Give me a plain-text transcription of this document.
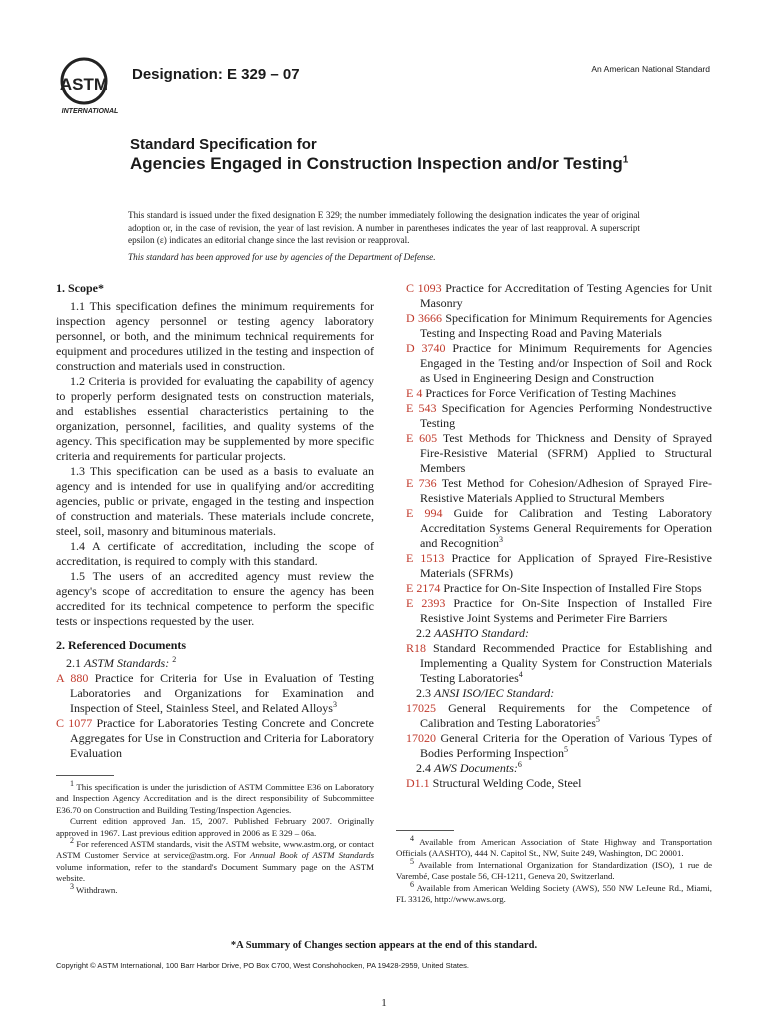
ASTM
INTERNATIONAL
Designation: E 329 – 07	An American National Standard
Standard Specification for
Agencies Engaged in Construction Inspection and/or Testing$^1$
This standard is issued under the fixed designation E 329; the number immediately following the designation indicates the year of original adoption or, in the case of revision, the year of last revision. A number in parentheses indicates the year of last reapproval. A superscript epsilon (ε) indicates an editorial change since the last revision or reapproval.
This standard has been approved for use by agencies of the Department of Defense.
1. Scope*

1.1 This specification defines the minimum requirements for inspection agency personnel or testing agency laboratory personnel, or both, and the minimum technical requirements for equipment and procedures utilized in the testing and inspection of construction and materials used in construction.

1.2 Criteria is provided for evaluating the capability of agency to properly perform designated tests on construction materials, and establishes essential characteristics pertaining to the organization, personnel, facilities, and quality systems of the agency. This specification may be supplemented by more specific criteria and requirements for particular projects.

1.3 This specification can be used as a basis to evaluate an agency and is intended for use in qualifying and/or accrediting agencies, public or private, engaged in the testing and inspection of construction and materials. These materials include concrete, steel, soil, masonry and bituminous materials.

1.4 A certificate of accreditation, including the scope of accreditation, is required to comply with this standard.

1.5 The users of an accredited agency must review the agency's scope of accreditation to ensure the agency has been accredited for its technical competence to perform the specific tests or inspections requested by the user.

2. Referenced Documents

2.1 ASTM Standards: $^2$

A 880 Practice for Criteria for Use in Evaluation of Testing Laboratories and Organizations for Examination and Inspection of Steel, Stainless Steel, and Related Alloys$^3$

C 1077 Practice for Laboratories Testing Concrete and Concrete Aggregates for Use in Construction and Criteria for Laboratory Evaluation

C 1093 Practice for Accreditation of Testing Agencies for Unit Masonry

D 3666 Specification for Minimum Requirements for Agencies Testing and Inspecting Road and Paving Materials

D 3740 Practice for Minimum Requirements for Agencies Engaged in the Testing and/or Inspection of Soil and Rock as Used in Engineering Design and Construction

E 4 Practices for Force Verification of Testing Machines

E 543 Specification for Agencies Performing Nondestructive Testing

E 605 Test Methods for Thickness and Density of Sprayed Fire-Resistive Material (SFRM) Applied to Structural Members

E 736 Test Method for Cohesion/Adhesion of Sprayed Fire-Resistive Materials Applied to Structural Members

E 994 Guide for Calibration and Testing Laboratory Accreditation Systems General Requirements for Operation and Recognition$^3$

E 1513 Practice for Application of Sprayed Fire-Resistive Materials (SFRMs)

E 2174 Practice for On-Site Inspection of Installed Fire Stops

E 2393 Practice for On-Site Inspection of Installed Fire Resistive Joint Systems and Perimeter Fire Barriers

2.2 AASHTO Standard:

R18 Standard Recommended Practice for Establishing and Implementing a Quality System for Construction Materials Testing Laboratories$^4$

2.3 ANSI ISO/IEC Standard:

17025 General Requirements for the Competence of Calibration and Testing Laboratories$^5$

17020 General Criteria for the Operation of Various Types of Bodies Performing Inspection$^5$

2.4 AWS Documents:$^6$

D1.1 Structural Welding Code, Steel

$^1$ This specification is under the jurisdiction of ASTM Committee E36 on Laboratory and Inspection Agency Accreditation and is the direct responsibility of Subcommittee E36.70 on Construction and Building Testing/Inspection Agencies.

Current edition approved Jan. 15, 2007. Published February 2007. Originally approved in 1967. Last previous edition approved in 2006 as E 329 – 06a.

$^2$ For referenced ASTM standards, visit the ASTM website, www.astm.org, or contact ASTM Customer Service at service@astm.org. For Annual Book of ASTM Standards volume information, refer to the standard's Document Summary page on the ASTM website.

$^3$ Withdrawn.

$^4$ Available from American Association of State Highway and Transportation Officials (AASHTO), 444 N. Capitol St., NW, Suite 249, Washington, DC 20001.

$^5$ Available from International Organization for Standardization (ISO), 1 rue de Varembé, Case postale 56, CH-1211, Geneva 20, Switzerland.

$^6$ Available from American Welding Society (AWS), 550 NW LeJeune Rd., Miami, FL 33126, http://www.aws.org.

*A Summary of Changes section appears at the end of this standard.
Copyright © ASTM International, 100 Barr Harbor Drive, PO Box C700, West Conshohocken, PA 19428-2959, United States.
1
